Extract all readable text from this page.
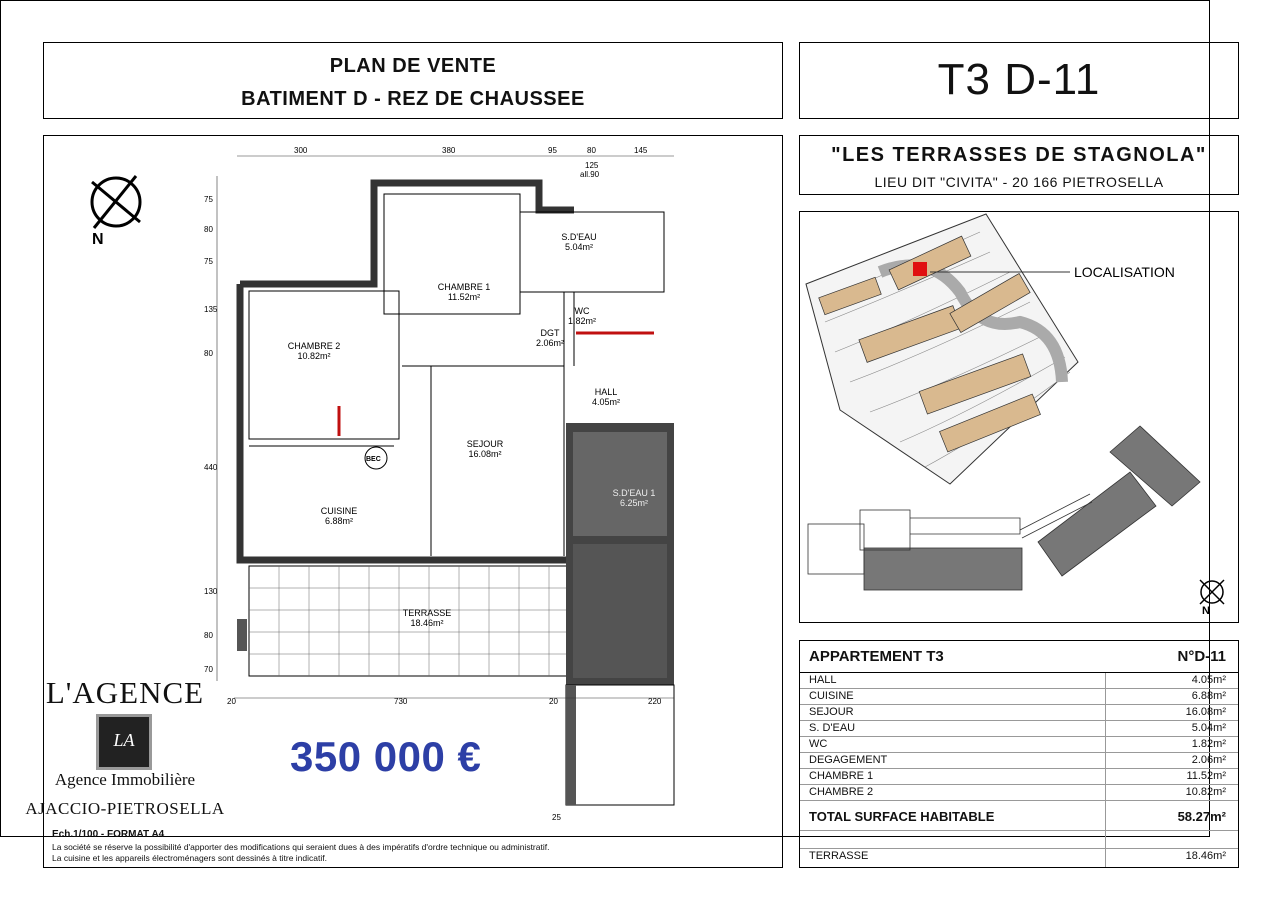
PLAN DE VENTE
BATIMENT D - REZ DE CHAUSSEE	T3 D-11
"LES TERRASSES DE STAGNOLA"
LIEU DIT "CIVITA" - 20 166 PIETROSELLA
LOCALISATION
N
N
300	380	95	80	145
125
all.90
75
80
75
135
80
440
130
80
70
CHAMBRE 1
11.52m²
CHAMBRE 2
10.82m²
S.D'EAU
5.04m²
WC
1.82m²
DGT
2.06m²
HALL
4.05m²
SEJOUR
16.08m²
CUISINE
6.88m²
TERRASSE
18.46m²
S.D'EAU 1
6.25m²
BEC
20	730	20	220
25
L'AGENCE
Agence Immobilière
AJACCIO-PIETROSELLA
LA	350 000 €
Ech.1/100 - FORMAT A4
La société se réserve la possibilité d'apporter des modifications qui seraient dues à des impératifs d'ordre technique ou administratif. La cuisine et les appareils électroménagers sont dessinés à titre indicatif.
APPARTEMENT T3	N°D-11
HALL	4.05m²
CUISINE	6.88m²
SEJOUR	16.08m²
S. D'EAU	5.04m²
WC	1.82m²
DEGAGEMENT	2.06m²
CHAMBRE 1	11.52m²
CHAMBRE 2	10.82m²
TOTAL SURFACE HABITABLE	58.27m²
TERRASSE	18.46m²
